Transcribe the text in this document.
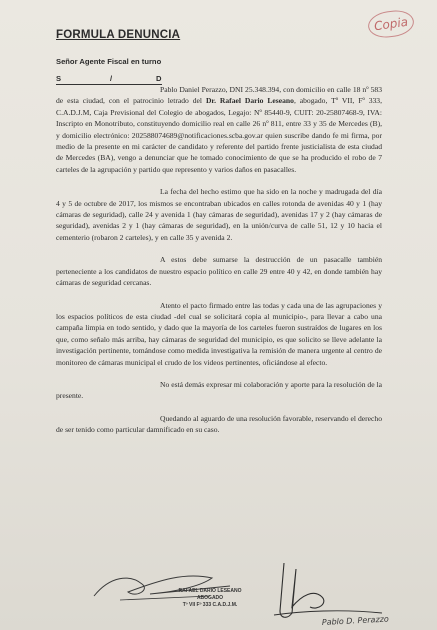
Copia
FORMULA DENUNCIA
Señor Agente Fiscal en turno
S	/	D

Pablo Daniel Perazzo, DNI 25.348.394, con domicilio en calle 18 nº 583 de esta ciudad, con el patrocinio letrado del Dr. Rafael Dario Leseano, abogado, Tº VII, Fº 333, C.A.D.J.M, Caja Previsional del Colegio de abogados, Legajo: Nº 85440-9, CUIT: 20-25807468-9, IVA: Inscripto en Monotributo, constituyendo domicilio real en calle 26 nº 811, entre 33 y 35 de Mercedes (B), y domicilio electrónico: 202588074689@notificaciones.scba.gov.ar quien suscribe dando fe mi firma, por medio de la presente en mi carácter de candidato y referente del partido frente justicialista de esta ciudad de Mercedes (BA), vengo a denunciar que he tomado conocimiento de que se ha producido el robo de 7 carteles de la agrupación y partido que represento y varios daños en pasacalles.

La fecha del hecho estimo que ha sido en la noche y madrugada del día 4 y 5 de octubre de 2017, los mismos se encontraban ubicados en calles rotonda de avenidas 40 y 1 (hay cámaras de seguridad), calle 24 y avenida 1 (hay cámaras de seguridad), avenidas 17 y 2 (hay cámaras de seguridad), avenidas 2 y 1 (hay cámaras de seguridad), en la unión/curva de calle 51, 12 y 10 hacia el cementerio (robaron 2 carteles), y en calle 35 y avenida 2.

A estos debe sumarse la destrucción de un pasacalle también perteneciente a los candidatos de nuestro espacio político en calle 29 entre 40 y 42, en donde también hay cámaras de seguridad cercanas.

Atento el pacto firmado entre las todas y cada una de las agrupaciones y los espacios políticos de esta ciudad -del cual se solicitará copia al municipio-, para llevar a cabo una campaña limpia en todo sentido, y dado que la mayoría de los carteles fueron sustraídos de lugares en los que, como señalo más arriba, hay cámaras de seguridad del municipio, es que solicito se lleve adelante la investigación pertinente, tomándose como medida investigativa la remisión de manera urgente al centro de monitoreo de cámaras municipal el crudo de los videos pertinentes, oficiándose al efecto.

No está demás expresar mi colaboración y aporte para la resolución de la presente.

Quedando al aguardo de una resolución favorable, reservando el derecho de ser tenido como particular damnificado en su caso.

RAFAEL DARIO LESEANO
ABOGADO
Tº VII Fº 333 C.A.D.J.M.
Pablo D. Perazzo
